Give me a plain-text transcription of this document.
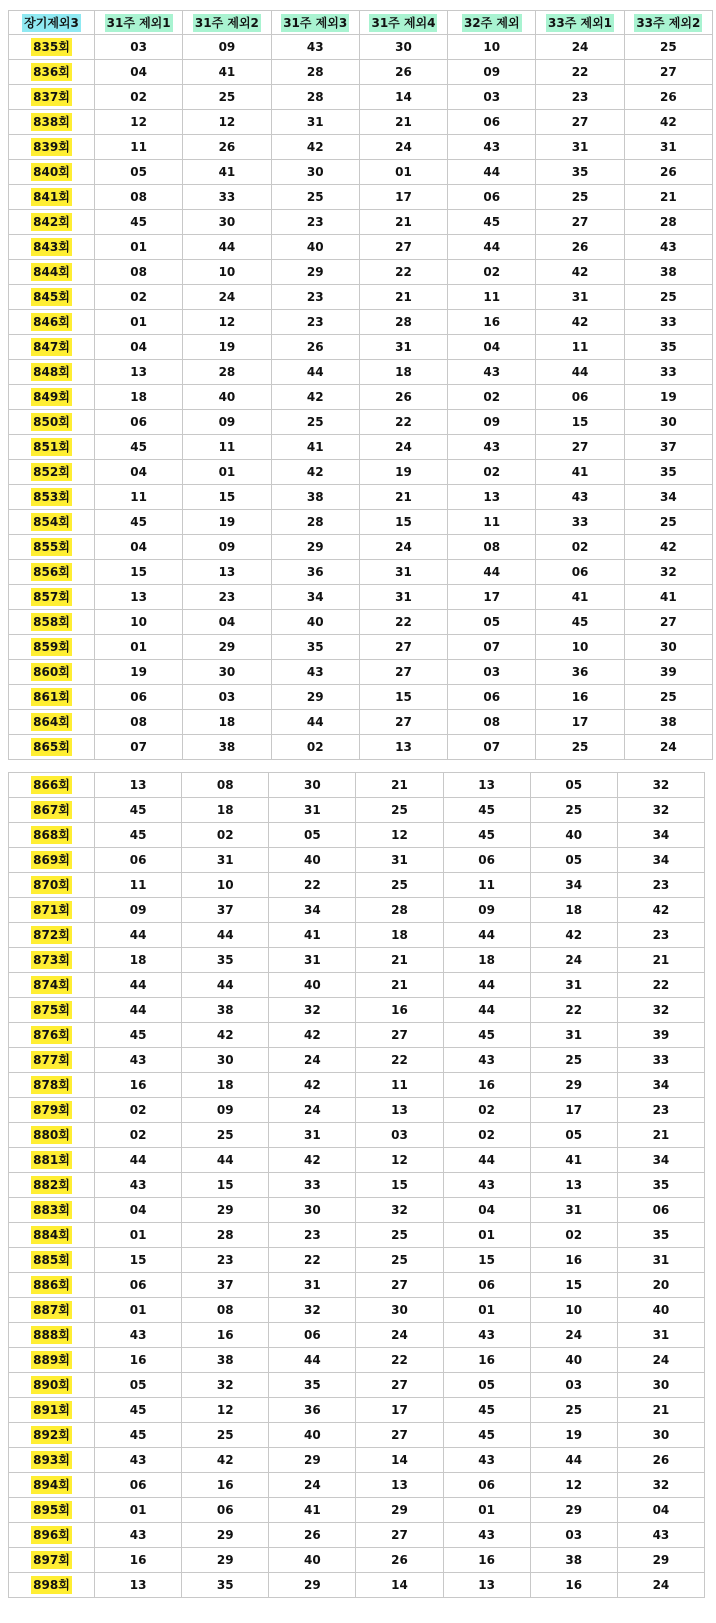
장기제외3	31주 제외1	31주 제외2	31주 제외3	31주 제외4	32주 제외	33주 제외1	33주 제외2
835회	03	09	43	30	10	24	25
836회	04	41	28	26	09	22	27
837회	02	25	28	14	03	23	26
838회	12	12	31	21	06	27	42
839회	11	26	42	24	43	31	31
840회	05	41	30	01	44	35	26
841회	08	33	25	17	06	25	21
842회	45	30	23	21	45	27	28
843회	01	44	40	27	44	26	43
844회	08	10	29	22	02	42	38
845회	02	24	23	21	11	31	25
846회	01	12	23	28	16	42	33
847회	04	19	26	31	04	11	35
848회	13	28	44	18	43	44	33
849회	18	40	42	26	02	06	19
850회	06	09	25	22	09	15	30
851회	45	11	41	24	43	27	37
852회	04	01	42	19	02	41	35
853회	11	15	38	21	13	43	34
854회	45	19	28	15	11	33	25
855회	04	09	29	24	08	02	42
856회	15	13	36	31	44	06	32
857회	13	23	34	31	17	41	41
858회	10	04	40	22	05	45	27
859회	01	29	35	27	07	10	30
860회	19	30	43	27	03	36	39
861회	06	03	29	15	06	16	25
864회	08	18	44	27	08	17	38
865회	07	38	02	13	07	25	24
866회	13	08	30	21	13	05	32
867회	45	18	31	25	45	25	32
868회	45	02	05	12	45	40	34
869회	06	31	40	31	06	05	34
870회	11	10	22	25	11	34	23
871회	09	37	34	28	09	18	42
872회	44	44	41	18	44	42	23
873회	18	35	31	21	18	24	21
874회	44	44	40	21	44	31	22
875회	44	38	32	16	44	22	32
876회	45	42	42	27	45	31	39
877회	43	30	24	22	43	25	33
878회	16	18	42	11	16	29	34
879회	02	09	24	13	02	17	23
880회	02	25	31	03	02	05	21
881회	44	44	42	12	44	41	34
882회	43	15	33	15	43	13	35
883회	04	29	30	32	04	31	06
884회	01	28	23	25	01	02	35
885회	15	23	22	25	15	16	31
886회	06	37	31	27	06	15	20
887회	01	08	32	30	01	10	40
888회	43	16	06	24	43	24	31
889회	16	38	44	22	16	40	24
890회	05	32	35	27	05	03	30
891회	45	12	36	17	45	25	21
892회	45	25	40	27	45	19	30
893회	43	42	29	14	43	44	26
894회	06	16	24	13	06	12	32
895회	01	06	41	29	01	29	04
896회	43	29	26	27	43	03	43
897회	16	29	40	26	16	38	29
898회	13	35	29	14	13	16	24
